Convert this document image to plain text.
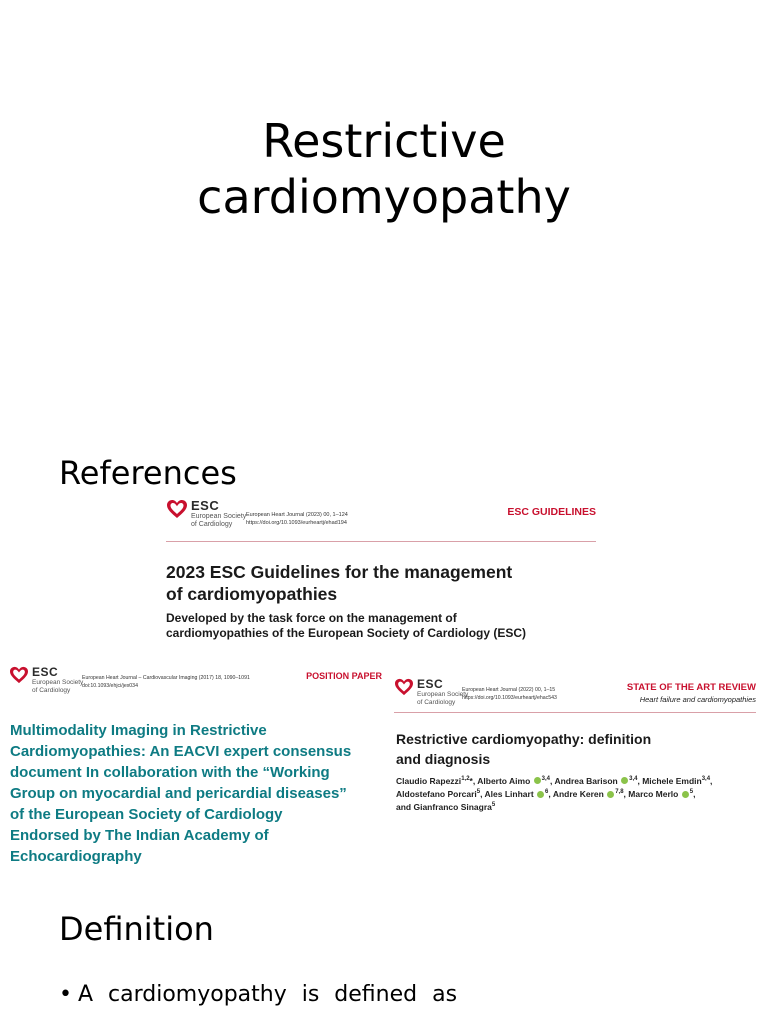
Restrictive
cardiomyopathy
References
ESC
European Society
of Cardiology
European Heart Journal (2023) 00, 1–124
https://doi.org/10.1093/eurheartj/ehad194
ESC GUIDELINES
2023 ESC Guidelines for the management
of cardiomyopathies
Developed by the task force on the management of
cardiomyopathies of the European Society of Cardiology (ESC)
ESC
European Society
of Cardiology
European Heart Journal – Cardiovascular Imaging (2017) 18, 1090–1091
doi:10.1093/ehjci/jex034
POSITION PAPER
Multimodality Imaging in Restrictive
Cardiomyopathies: An EACVI expert consensus
document In collaboration with the “Working
Group on myocardial and pericardial diseases”
of the European Society of Cardiology
Endorsed by The Indian Academy of
Echocardiography
ESC
European Society
of Cardiology
European Heart Journal (2022) 00, 1–15
https://doi.org/10.1093/eurheartj/ehac543
STATE OF THE ART REVIEW
Heart failure and cardiomyopathies
Restrictive cardiomyopathy: definition
and diagnosis
Claudio Rapezzi$^{1,2}$*, Alberto Aimo $^{3,4}$, Andrea Barison $^{3,4}$, Michele Emdin$^{3,4}$,
Aldostefano Porcari$^5$, Ales Linhart $^6$, Andre Keren $^{7,8}$, Marco Merlo $^5$,
and Gianfranco Sinagra$^5$
Definition
• A cardiomyopathy is defined as
